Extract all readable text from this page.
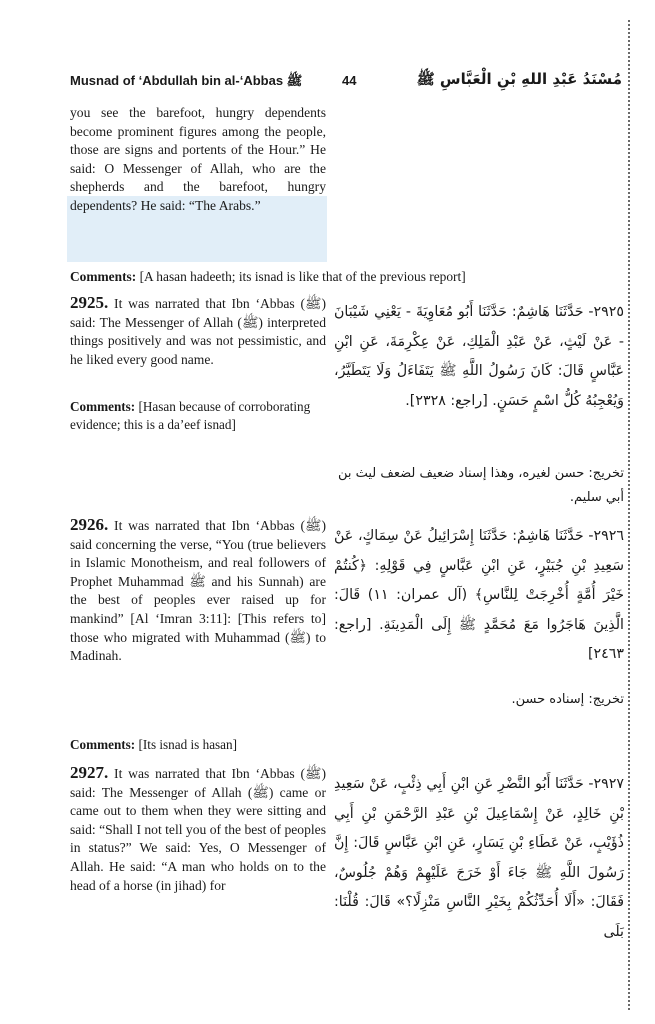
Musnad of ‘Abdullah bin al-‘Abbas ﷺ	44	مُسْنَدُ عَبْدِ اللهِ بْنِ الْعَبَّاسِ ﷺ
you see the barefoot, hungry dependents become prominent figures among the people, those are signs and portents of the Hour.” He said: O Messenger of Allah, who are the shepherds and the barefoot, hungry dependents? He said: “The Arabs.”
Comments: [A hasan hadeeth; its isnad is like that of the previous report]
2925. It was narrated that Ibn ‘Abbas (ﷺ) said: The Messenger of Allah (ﷺ) interpreted things positively and was not pessimistic, and he liked every good name.
Comments: [Hasan because of corroborating evidence; this is a da’eef isnad]
٢٩٢٥- حَدَّثَنَا هَاشِمٌ: حَدَّثَنَا أَبُو مُعَاوِيَةَ - يَعْنِي شَيْبَانَ - عَنْ لَيْثٍ، عَنْ عَبْدِ الْمَلِكِ، عَنْ عِكْرِمَةَ، عَنِ ابْنِ عَبَّاسٍ قَالَ: كَانَ رَسُولُ اللَّهِ ﷺ يَتَفَاءَلُ وَلَا يَتَطَيَّرُ، وَيُعْجِبُهُ كُلُّ اسْمٍ حَسَنٍ. [راجع: ٢٣٢٨].
تخريج: حسن لغيره، وهذا إسناد ضعيف لضعف ليث بن أبي سليم.
2926. It was narrated that Ibn ‘Abbas (ﷺ) said concerning the verse, “You (true believers in Islamic Monotheism, and real followers of Prophet Muhammad ﷺ and his Sunnah) are the best of peoples ever raised up for mankind” [Al ‘Imran 3:11]: [This refers to] those who migrated with Muhammad (ﷺ) to Madinah.
Comments: [Its isnad is hasan]
٢٩٢٦- حَدَّثَنَا هَاشِمٌ: حَدَّثَنَا إِسْرَائِيلُ عَنْ سِمَاكٍ، عَنْ سَعِيدِ بْنِ جُبَيْرٍ، عَنِ ابْنِ عَبَّاسٍ فِي قَوْلِهِ: ﴿كُنتُمْ خَيْرَ أُمَّةٍ أُخْرِجَتْ لِلنَّاسِ﴾ (آل عمران: ١١) قَالَ: الَّذِينَ هَاجَرُوا مَعَ مُحَمَّدٍ ﷺ إِلَى الْمَدِينَةِ. [راجع: ٢٤٦٣]
تخريج: إسناده حسن.
2927. It was narrated that Ibn ‘Abbas (ﷺ) said: The Messenger of Allah (ﷺ) came or came out to them when they were sitting and said: “Shall I not tell you of the best of peoples in status?” We said: Yes, O Messenger of Allah. He said: “A man who holds on to the head of a horse (in jihad) for
٢٩٢٧- حَدَّثَنَا أَبُو النَّضْرِ عَنِ ابْنِ أَبِي ذِئْبٍ، عَنْ سَعِيدِ بْنِ خَالِدٍ، عَنْ إِسْمَاعِيلَ بْنِ عَبْدِ الرَّحْمَنِ بْنِ أَبِي ذُؤَيْبٍ، عَنْ عَطَاءِ بْنِ يَسَارٍ، عَنِ ابْنِ عَبَّاسٍ قَالَ: إِنَّ رَسُولَ اللَّهِ ﷺ جَاءَ أَوْ خَرَجَ عَلَيْهِمْ وَهُمْ جُلُوسٌ، فَقَالَ: «أَلَا أُحَدِّثُكُمْ بِخَيْرِ النَّاسِ مَنْزِلًا؟» قَالَ: قُلْنَا: بَلَى
